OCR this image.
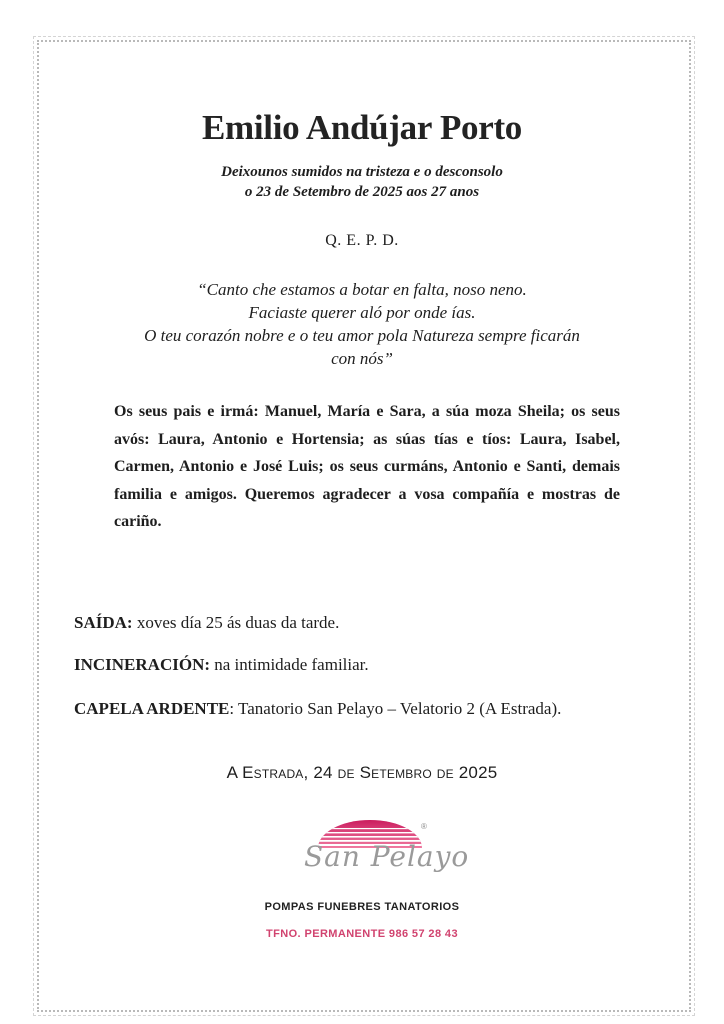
Emilio Andújar Porto
Deixounos sumidos na tristeza e o desconsolo
o 23 de Setembro de 2025 aos 27 anos
Q. E. P. D.
“Canto che estamos a botar en falta, noso neno.
Faciaste querer aló por onde ías.
O teu corazón nobre e o teu amor pola Natureza sempre ficarán
con nós”
Os seus pais e irmá: Manuel, María e Sara, a súa moza Sheila; os seus avós: Laura, Antonio e Hortensia; as súas tías e tíos: Laura, Isabel, Carmen, Antonio e José Luis; os seus curmáns, Antonio e Santi, demais familia e amigos. Queremos agradecer a vosa compañía e mostras de cariño.
SAÍDA: xoves día 25 ás duas da tarde.
INCINERACIÓN: na intimidade familiar.
CAPELA ARDENTE: Tanatorio San Pelayo – Velatorio 2 (A Estrada).
A Estrada, 24 de Setembro de 2025
®
San Pelayo
POMPAS FUNEBRES TANATORIOS
TFNO. PERMANENTE 986 57 28 43
